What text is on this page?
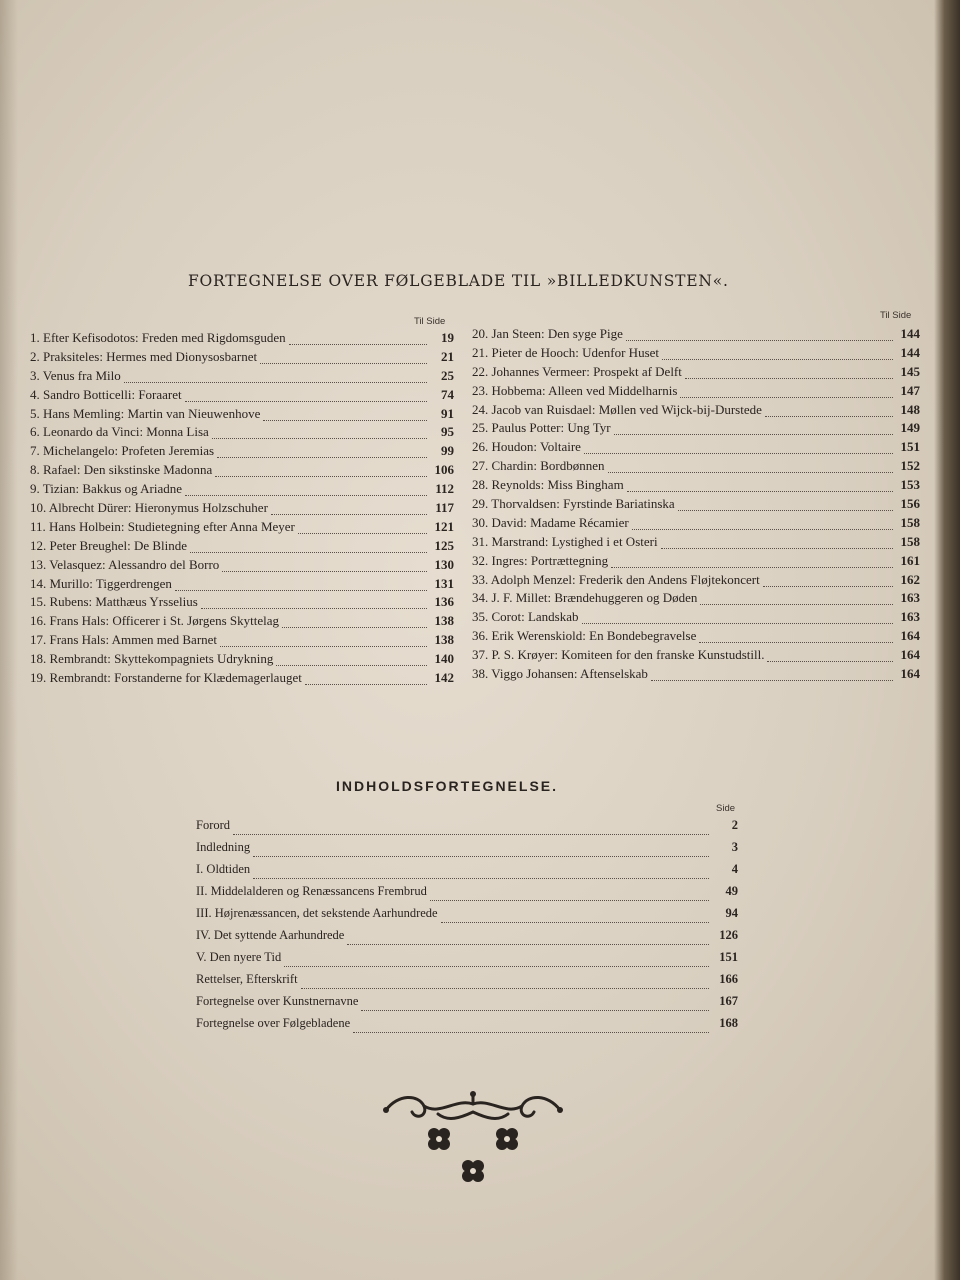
FORTEGNELSE OVER FØLGEBLADE TIL »BILLEDKUNSTEN«.
Til Side
Til Side
1. Efter Kefisodotos: Freden med Rigdomsguden	19
2. Praksiteles: Hermes med Dionysosbarnet	21
3. Venus fra Milo	25
4. Sandro Botticelli: Foraaret	74
5. Hans Memling: Martin van Nieuwenhove	91
6. Leonardo da Vinci: Monna Lisa	95
7. Michelangelo: Profeten Jeremias	99
8. Rafael: Den sikstinske Madonna	106
9. Tizian: Bakkus og Ariadne	112
10. Albrecht Dürer: Hieronymus Holzschuher	117
11. Hans Holbein: Studietegning efter Anna Meyer	121
12. Peter Breughel: De Blinde	125
13. Velasquez: Alessandro del Borro	130
14. Murillo: Tiggerdrengen	131
15. Rubens: Matthæus Yrsselius	136
16. Frans Hals: Officerer i St. Jørgens Skyttelag	138
17. Frans Hals: Ammen med Barnet	138
18. Rembrandt: Skyttekompagniets Udrykning	140
19. Rembrandt: Forstanderne for Klædemagerlauget	142
20. Jan Steen: Den syge Pige	144
21. Pieter de Hooch: Udenfor Huset	144
22. Johannes Vermeer: Prospekt af Delft	145
23. Hobbema: Alleen ved Middelharnis	147
24. Jacob van Ruisdael: Møllen ved Wijck-bij-Durstede	148
25. Paulus Potter: Ung Tyr	149
26. Houdon: Voltaire	151
27. Chardin: Bordbønnen	152
28. Reynolds: Miss Bingham	153
29. Thorvaldsen: Fyrstinde Bariatinska	156
30. David: Madame Récamier	158
31. Marstrand: Lystighed i et Osteri	158
32. Ingres: Portrættegning	161
33. Adolph Menzel: Frederik den Andens Fløjtekoncert	162
34. J. F. Millet: Brændehuggeren og Døden	163
35. Corot: Landskab	163
36. Erik Werenskiold: En Bondebegravelse	164
37. P. S. Krøyer: Komiteen for den franske Kunstudstill.	164
38. Viggo Johansen: Aftenselskab	164
INDHOLDSFORTEGNELSE.
Side
Forord	2
Indledning	3
I. Oldtiden	4
II. Middelalderen og Renæssancens Frembrud	49
III. Højrenæssancen, det sekstende Aarhundrede	94
IV. Det syttende Aarhundrede	126
V. Den nyere Tid	151
Rettelser, Efterskrift	166
Fortegnelse over Kunstnernavne	167
Fortegnelse over Følgebladene	168
